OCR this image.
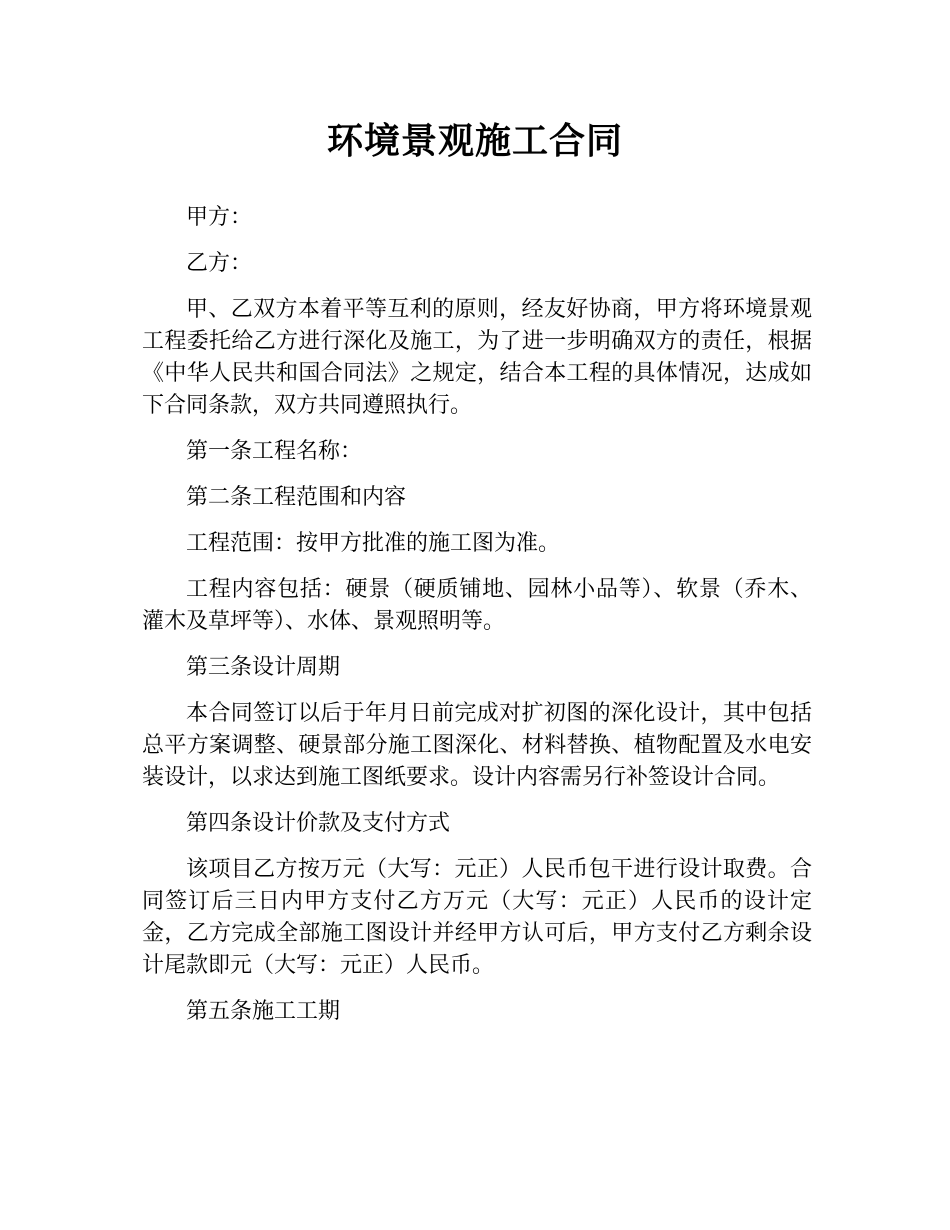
环境景观施工合同

甲方：

乙方：

甲、乙双方本着平等互利的原则，经友好协商，甲方将环境景观工程委托给乙方进行深化及施工，为了进一步明确双方的责任，根据《中华人民共和国合同法》之规定，结合本工程的具体情况，达成如下合同条款，双方共同遵照执行。

第一条工程名称：

第二条工程范围和内容

工程范围：按甲方批准的施工图为准。

工程内容包括：硬景（硬质铺地、园林小品等）、软景（乔木、灌木及草坪等）、水体、景观照明等。

第三条设计周期

本合同签订以后于年月日前完成对扩初图的深化设计，其中包括总平方案调整、硬景部分施工图深化、材料替换、植物配置及水电安装设计，以求达到施工图纸要求。设计内容需另行补签设计合同。

第四条设计价款及支付方式

该项目乙方按万元（大写：元正）人民币包干进行设计取费。合同签订后三日内甲方支付乙方万元（大写：元正）人民币的设计定金，乙方完成全部施工图设计并经甲方认可后，甲方支付乙方剩余设计尾款即元（大写：元正）人民币。

第五条施工工期
